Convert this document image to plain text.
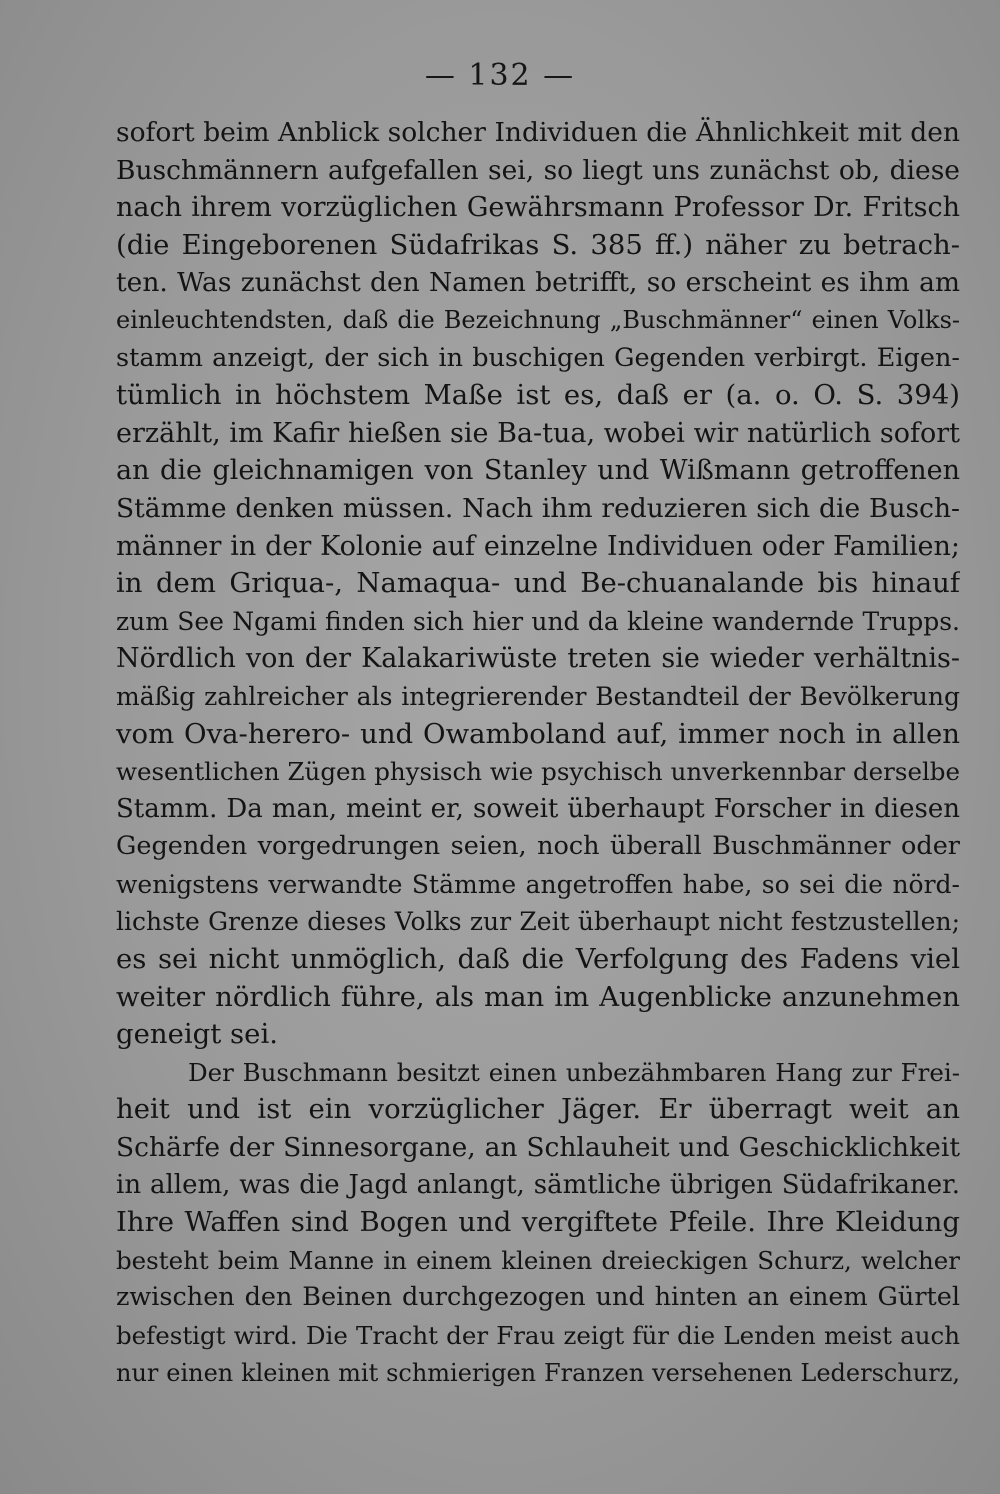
— 132 —
sofort beim Anblick solcher Individuen die Ähnlichkeit mit den
Buschmännern aufgefallen sei, so liegt uns zunächst ob, diese
nach ihrem vorzüglichen Gewährsmann Professor Dr. Fritsch
(die Eingeborenen Südafrikas S. 385 ff.) näher zu betrach-
ten. Was zunächst den Namen betrifft, so erscheint es ihm am
einleuchtendsten, daß die Bezeichnung „Buschmänner“ einen Volks-
stamm anzeigt, der sich in buschigen Gegenden verbirgt. Eigen-
tümlich in höchstem Maße ist es, daß er (a. o. O. S. 394)
erzählt, im Kafir hießen sie Ba-tua, wobei wir natürlich sofort
an die gleichnamigen von Stanley und Wißmann getroffenen
Stämme denken müssen. Nach ihm reduzieren sich die Busch-
männer in der Kolonie auf einzelne Individuen oder Familien;
in dem Griqua-, Namaqua- und Be-chuanalande bis hinauf
zum See Ngami finden sich hier und da kleine wandernde Trupps.
Nördlich von der Kalakariwüste treten sie wieder verhältnis-
mäßig zahlreicher als integrierender Bestandteil der Bevölkerung
vom Ova-herero- und Owamboland auf, immer noch in allen
wesentlichen Zügen physisch wie psychisch unverkennbar derselbe
Stamm. Da man, meint er, soweit überhaupt Forscher in diesen
Gegenden vorgedrungen seien, noch überall Buschmänner oder
wenigstens verwandte Stämme angetroffen habe, so sei die nörd-
lichste Grenze dieses Volks zur Zeit überhaupt nicht festzustellen;
es sei nicht unmöglich, daß die Verfolgung des Fadens viel
weiter nördlich führe, als man im Augenblicke anzunehmen
geneigt sei.
Der Buschmann besitzt einen unbezähmbaren Hang zur Frei-
heit und ist ein vorzüglicher Jäger. Er überragt weit an
Schärfe der Sinnesorgane, an Schlauheit und Geschicklichkeit
in allem, was die Jagd anlangt, sämtliche übrigen Südafrikaner.
Ihre Waffen sind Bogen und vergiftete Pfeile. Ihre Kleidung
besteht beim Manne in einem kleinen dreieckigen Schurz, welcher
zwischen den Beinen durchgezogen und hinten an einem Gürtel
befestigt wird. Die Tracht der Frau zeigt für die Lenden meist auch
nur einen kleinen mit schmierigen Franzen versehenen Lederschurz,
